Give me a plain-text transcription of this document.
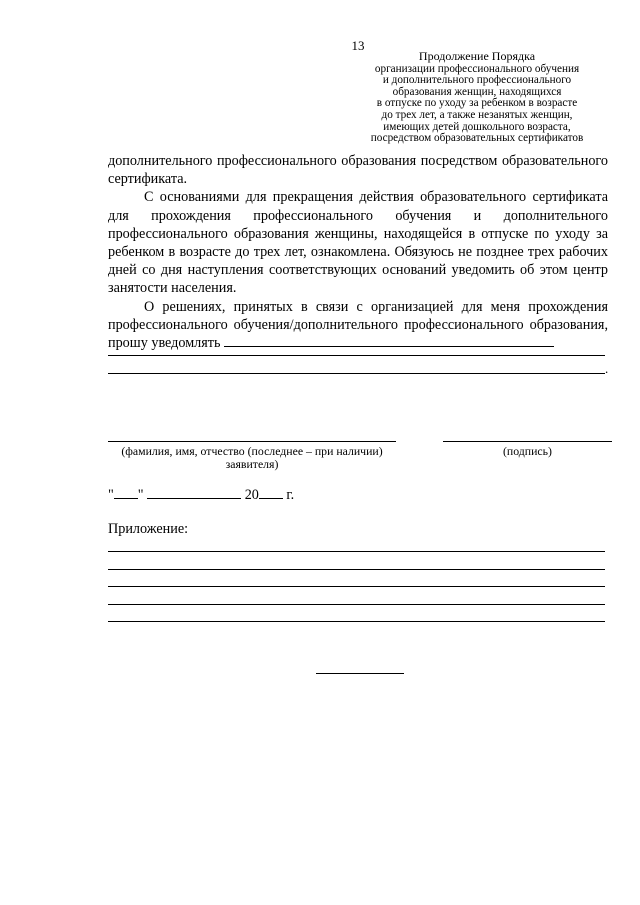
13
Продолжение Порядка
организации профессионального обучения
и дополнительного профессионального
образования женщин, находящихся
в отпуске по уходу за ребенком в возрасте
до трех лет, а также незанятых женщин,
имеющих детей дошкольного возраста,
посредством образовательных сертификатов

дополнительного профессионального образования посредством образовательного сертификата.

С основаниями для прекращения действия образовательного сертификата для прохождения профессионального обучения и дополнительного профессионального образования женщины, находящейся в отпуске по уходу за ребенком в возрасте до трех лет, ознакомлена. Обязуюсь не позднее трех рабочих дней со дня наступления соответствующих оснований уведомить об этом центр занятости населения.

О решениях, принятых в связи с организацией для меня прохождения профессионального обучения/дополнительного профессионального образования, прошу уведомлять

.
(фамилия, имя, отчество (последнее – при наличии)
заявителя)
(подпись)
" "	20 г.
Приложение:
